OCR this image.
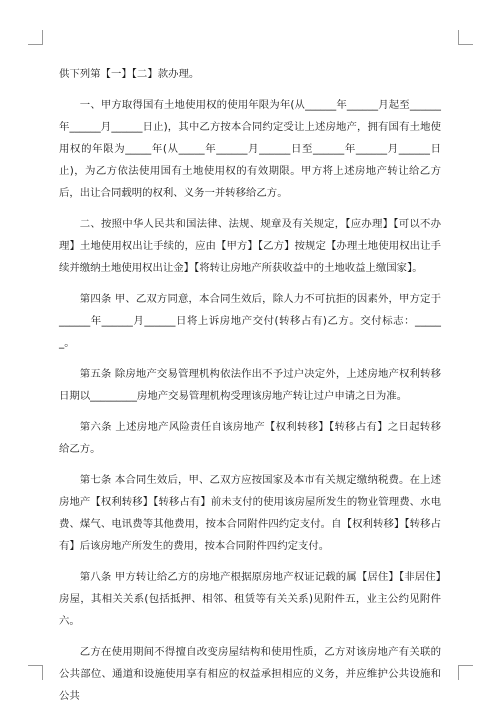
供下列第【一】【二】款办理。

一、甲方取得国有土地使用权的使用年限为年(从______年______月起至______年______月______日止)，其中乙方按本合同约定受让上述房地产，拥有国有土地使用权的年限为_____年(从_____年______月______日至______年______月______日止)，为乙方依法使用国有土地使用权的有效期限。甲方将上述房地产转让给乙方后，出让合同载明的权利、义务一并转移给乙方。

二、按照中华人民共和国法律、法规、规章及有关规定，【应办理】【可以不办理】土地使用权出让手续的，应由【甲方】【乙方】按规定【办理土地使用权出让手续并缴纳土地使用权出让金】【将转让房地产所获收益中的土地收益上缴国家】。

第四条 甲、乙双方同意，本合同生效后，除人力不可抗拒的因素外，甲方定于______年______月______日将上诉房地产交付(转移占有)乙方。交付标志：______。

第五条 除房地产交易管理机构依法作出不予过户决定外，上述房地产权利转移日期以_________房地产交易管理机构受理该房地产转让过户申请之日为准。

第六条 上述房地产风险责任自该房地产【权利转移】【转移占有】之日起转移给乙方。

第七条 本合同生效后，甲、乙双方应按国家及本市有关规定缴纳税费。在上述房地产【权利转移】【转移占有】前未支付的使用该房屋所发生的物业管理费、水电费、煤气、电讯费等其他费用，按本合同附件四约定支付。自【权利转移】【转移占有】后该房地产所发生的费用，按本合同附件四约定支付。

第八条 甲方转让给乙方的房地产根据原房地产权证记载的属【居住】【非居住】房屋，其相关关系(包括抵押、相邻、租赁等有关关系)见附件五，业主公约见附件六。

乙方在使用期间不得擅自改变房屋结构和使用性质，乙方对该房地产有关联的公共部位、通道和设施使用享有相应的权益承担相应的义务，并应维护公共设施和公共
